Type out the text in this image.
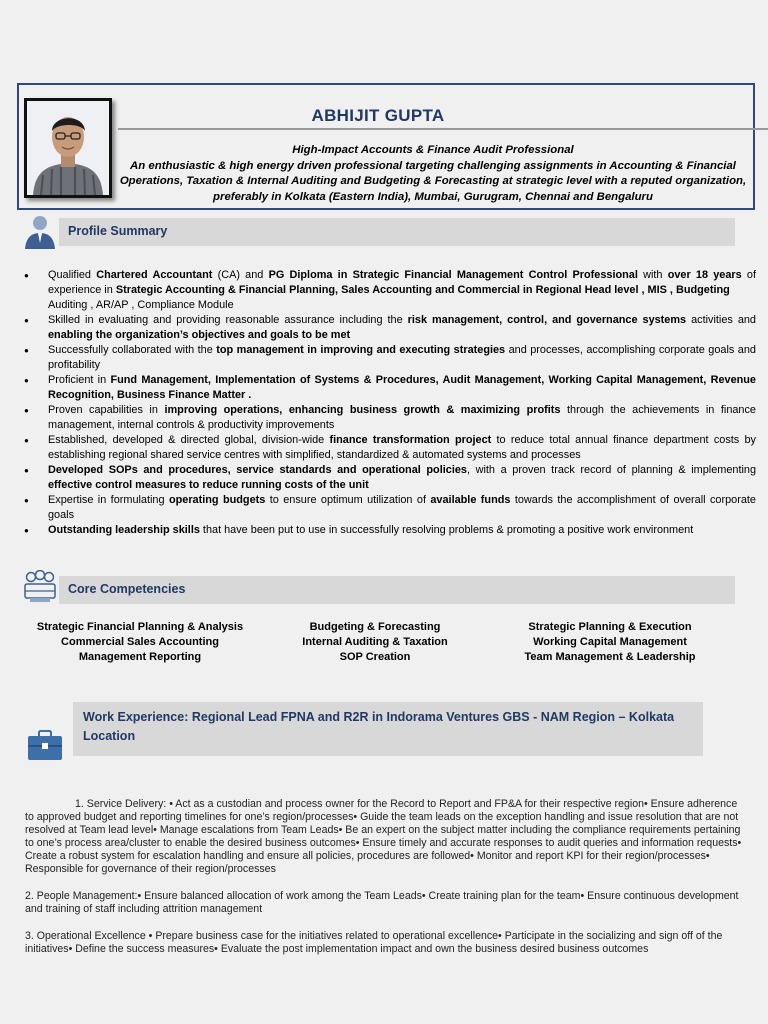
ABHIJIT GUPTA
High-Impact Accounts & Finance Audit Professional
An enthusiastic & high energy driven professional targeting challenging assignments in Accounting & Financial
Operations, Taxation & Internal Auditing and Budgeting & Forecasting at strategic level with a reputed organization,
preferably in Kolkata (Eastern India), Mumbai, Gurugram, Chennai and Bengaluru
Profile Summary
● Qualified Chartered Accountant (CA) and PG Diploma in Strategic Financial Management Control Professional with over 18 years of experience in Strategic Accounting & Financial Planning, Sales Accounting and Commercial in Regional Head level , MIS , Budgeting
Auditing , AR/AP , Compliance Module
● Skilled in evaluating and providing reasonable assurance including the risk management, control, and governance systems activities and enabling the organization’s objectives and goals to be met
● Successfully collaborated with the top management in improving and executing strategies and processes, accomplishing corporate goals and profitability
● Proficient in Fund Management, Implementation of Systems & Procedures, Audit Management, Working Capital Management, Revenue Recognition, Business Finance Matter .
● Proven capabilities in improving operations, enhancing business growth & maximizing profits through the achievements in finance management, internal controls & productivity improvements
● Established, developed & directed global, division-wide finance transformation project to reduce total annual finance department costs by establishing regional shared service centres with simplified, standardized & automated systems and processes
● Developed SOPs and procedures, service standards and operational policies, with a proven track record of planning & implementing effective control measures to reduce running costs of the unit
● Expertise in formulating operating budgets to ensure optimum utilization of available funds towards the accomplishment of overall corporate goals
● Outstanding leadership skills that have been put to use in successfully resolving problems & promoting a positive work environment
Core Competencies
Strategic Financial Planning & Analysis
Commercial Sales Accounting
Management Reporting
Budgeting & Forecasting
Internal Auditing & Taxation
SOP Creation
Strategic Planning & Execution
Working Capital Management
Team Management & Leadership
Work Experience: Regional Lead FPNA and R2R in Indorama Ventures GBS - NAM Region – Kolkata Location
1. Service Delivery: • Act as a custodian and process owner for the Record to Report and FP&A for their respective region• Ensure adherence to approved budget and reporting timelines for one’s region/processes• Guide the team leads on the exception handling and issue resolution that are not resolved at Team lead level• Manage escalations from Team Leads• Be an expert on the subject matter including the compliance requirements pertaining to one’s process area/cluster to enable the desired business outcomes• Ensure timely and accurate responses to audit queries and information requests• Create a robust system for escalation handling and ensure all policies, procedures are followed• Monitor and report KPI for their region/processes• Responsible for governance of their region/processes
2. People Management:• Ensure balanced allocation of work among the Team Leads• Create training plan for the team• Ensure continuous development and training of staff including attrition management
3. Operational Excellence • Prepare business case for the initiatives related to operational excellence• Participate in the socializing and sign off of the initiatives• Define the success measures• Evaluate the post implementation impact and own the business desired business outcomes
